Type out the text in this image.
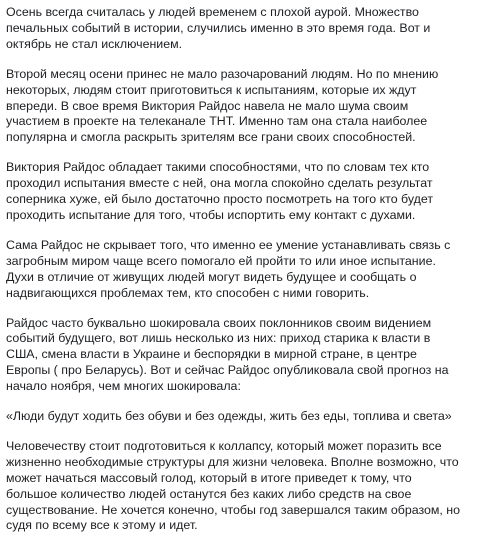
Осень всегда считалась у людей временем с плохой аурой. Множество
печальных событий в истории, случились именно в это время года. Вот и
октябрь не стал исключением.

Второй месяц осени принес не мало разочарований людям. Но по мнению
некоторых, людям стоит приготовиться к испытаниям, которые их ждут
впереди. В свое время Виктория Райдос навела не мало шума своим
участием в проекте на телеканале ТНТ. Именно там она стала наиболее
популярна и смогла раскрыть зрителям все грани своих способностей.

Виктория Райдос обладает такими способностями, что по словам тех кто
проходил испытания вместе с ней, она могла спокойно сделать результат
соперника хуже, ей было достаточно просто посмотреть на того кто будет
проходить испытание для того, чтобы испортить ему контакт с духами.

Сама Райдос не скрывает того, что именно ее умение устанавливать связь с
загробным миром чаще всего помогало ей пройти то или иное испытание.
Духи в отличие от живущих людей могут видеть будущее и сообщать о
надвигающихся проблемах тем, кто способен с ними говорить.

Райдос часто буквально шокировала своих поклонников своим видением
событий будущего, вот лишь несколько из них: приход старика к власти в
США, смена власти в Украине и беспорядки в мирной стране, в центре
Европы ( про Беларусь). Вот и сейчас Райдос опубликовала свой прогноз на
начало ноября, чем многих шокировала:

«Люди будут ходить без обуви и без одежды, жить без еды, топлива и света»

Человечеству стоит подготовиться к коллапсу, который может поразить все
жизненно необходимые структуры для жизни человека. Вполне возможно, что
может начаться массовый голод, который в итоге приведет к тому, что
большое количество людей останутся без каких либо средств на свое
существование. Не хочется конечно, чтобы год завершался таким образом, но
судя по всему все к этому и идет.
